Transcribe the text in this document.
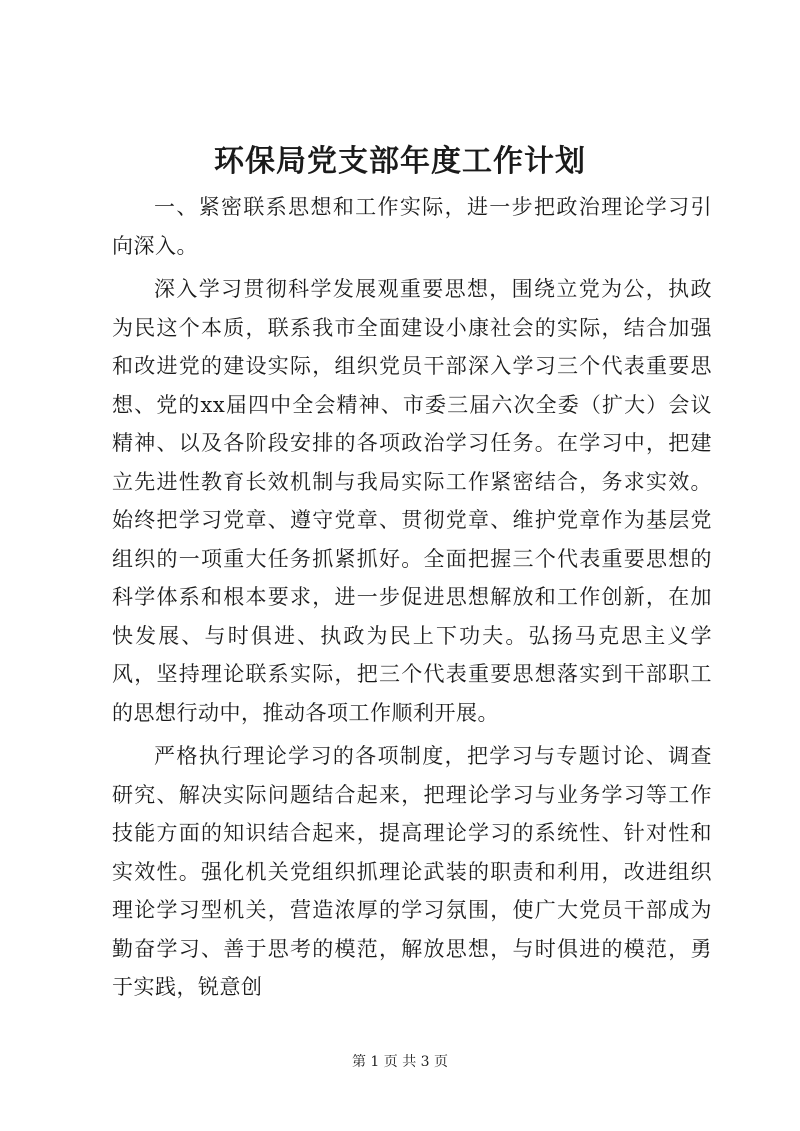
环保局党支部年度工作计划

一、紧密联系思想和工作实际，进一步把政治理论学习引向深入。

深入学习贯彻科学发展观重要思想，围绕立党为公，执政为民这个本质，联系我市全面建设小康社会的实际，结合加强和改进党的建设实际，组织党员干部深入学习三个代表重要思想、党的xx届四中全会精神、市委三届六次全委（扩大）会议精神、以及各阶段安排的各项政治学习任务。在学习中，把建立先进性教育长效机制与我局实际工作紧密结合，务求实效。始终把学习党章、遵守党章、贯彻党章、维护党章作为基层党组织的一项重大任务抓紧抓好。全面把握三个代表重要思想的科学体系和根本要求，进一步促进思想解放和工作创新，在加快发展、与时俱进、执政为民上下功夫。弘扬马克思主义学风，坚持理论联系实际，把三个代表重要思想落实到干部职工的思想行动中，推动各项工作顺利开展。

严格执行理论学习的各项制度，把学习与专题讨论、调查研究、解决实际问题结合起来，把理论学习与业务学习等工作技能方面的知识结合起来，提高理论学习的系统性、针对性和实效性。强化机关党组织抓理论武装的职责和利用，改进组织理论学习型机关，营造浓厚的学习氛围，使广大党员干部成为勤奋学习、善于思考的模范，解放思想，与时俱进的模范，勇于实践，锐意创

第 1 页 共 3 页
